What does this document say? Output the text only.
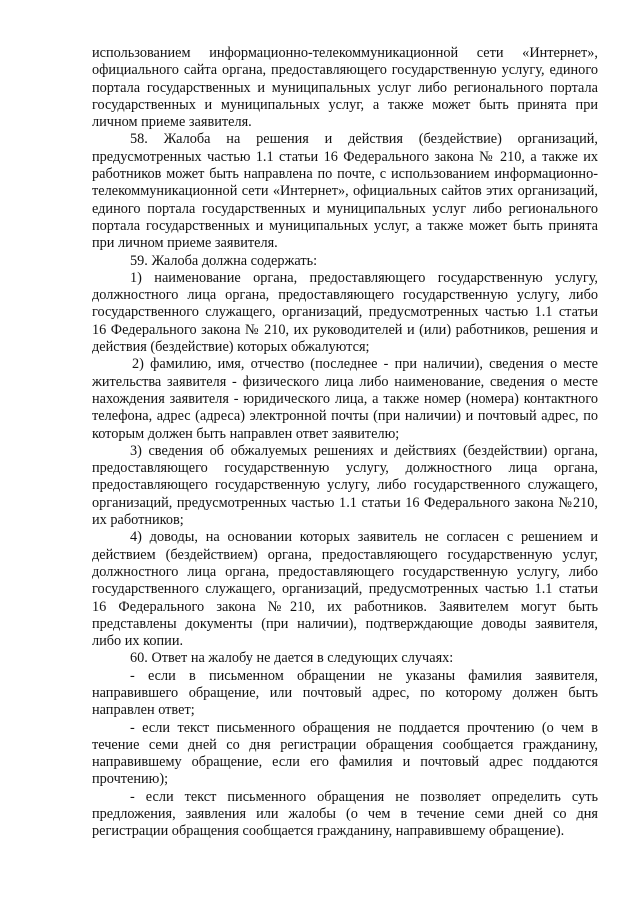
использованием информационно-телекоммуникационной сети «Интернет», официального сайта органа, предоставляющего государственную услугу, единого портала государственных и муниципальных услуг либо регионального портала государственных и муниципальных услуг, а также может быть принята при личном приеме заявителя.

58. Жалоба на решения и действия (бездействие) организаций, предусмотренных частью 1.1 статьи 16 Федерального закона № 210, а также их работников может быть направлена по почте, с использованием информационно-телекоммуникационной сети «Интернет», официальных сайтов этих организаций, единого портала государственных и муниципальных услуг либо регионального портала государственных и муниципальных услуг, а также может быть принята при личном приеме заявителя.

59. Жалоба должна содержать:

1) наименование органа, предоставляющего государственную услугу, должностного лица органа, предоставляющего государственную услугу, либо государственного служащего, организаций, предусмотренных частью 1.1 статьи 16 Федерального закона № 210, их руководителей и (или) работников, решения и действия (бездействие) которых обжалуются;

2) фамилию, имя, отчество (последнее - при наличии), сведения о месте жительства заявителя - физического лица либо наименование, сведения о месте нахождения заявителя - юридического лица, а также номер (номера) контактного телефона, адрес (адреса) электронной почты (при наличии) и почтовый адрес, по которым должен быть направлен ответ заявителю;

3) сведения об обжалуемых решениях и действиях (бездействии) органа, предоставляющего государственную услугу, должностного лица органа, предоставляющего государственную услугу, либо государственного служащего, организаций, предусмотренных частью 1.1 статьи 16 Федерального закона №210, их работников;

4) доводы, на основании которых заявитель не согласен с решением и действием (бездействием) органа, предоставляющего государственную услуг, должностного лица органа, предоставляющего государственную услугу, либо государственного служащего, организаций, предусмотренных частью 1.1 статьи 16 Федерального закона №210, их работников. Заявителем могут быть представлены документы (при наличии), подтверждающие доводы заявителя, либо их копии.

60. Ответ на жалобу не дается в следующих случаях:

- если в письменном обращении не указаны фамилия заявителя, направившего обращение, или почтовый адрес, по которому должен быть направлен ответ;

- если текст письменного обращения не поддается прочтению (о чем в течение семи дней со дня регистрации обращения сообщается гражданину, направившему обращение, если его фамилия и почтовый адрес поддаются прочтению);

- если текст письменного обращения не позволяет определить суть предложения, заявления или жалобы (о чем в течение семи дней со дня регистрации обращения сообщается гражданину, направившему обращение).
